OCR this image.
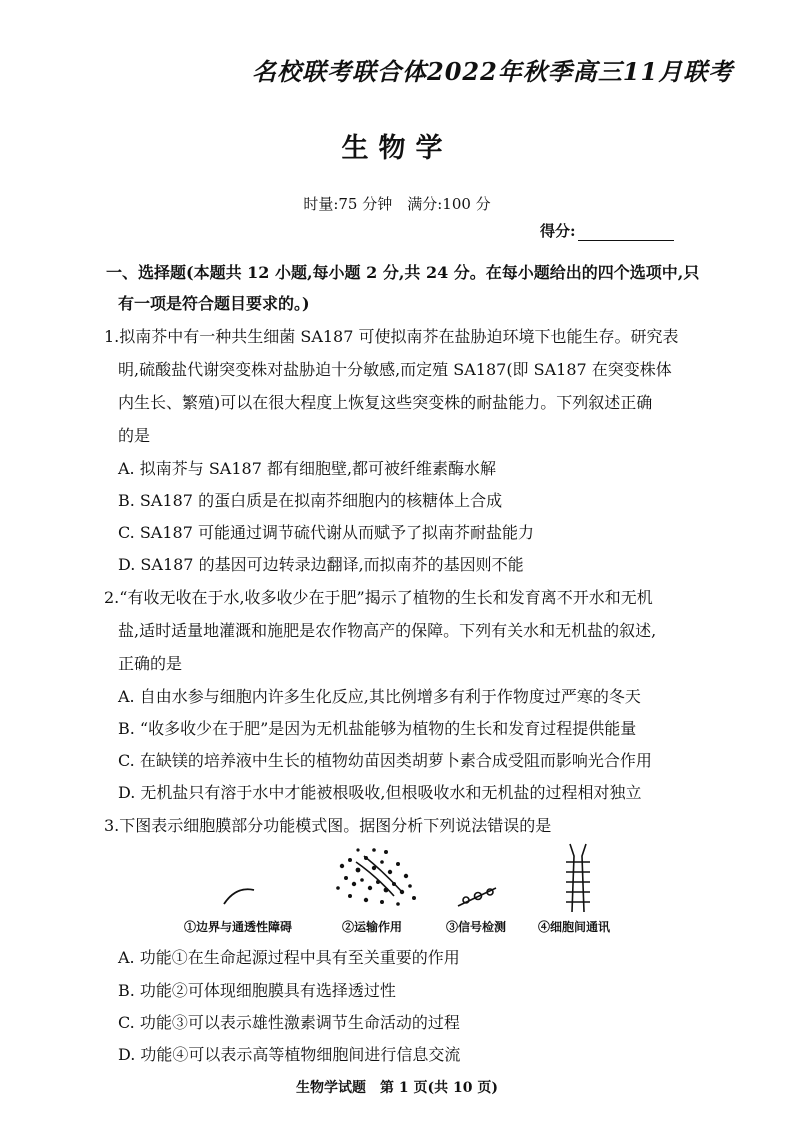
名校联考联合体2022年秋季高三11月联考
生物学
时量:75 分钟　满分:100 分
得分:
一、选择题(本题共 12 小题,每小题 2 分,共 24 分。在每小题给出的四个选项中,只
有一项是符合题目要求的。)
1.拟南芥中有一种共生细菌 SA187 可使拟南芥在盐胁迫环境下也能生存。研究表
明,硫酸盐代谢突变株对盐胁迫十分敏感,而定殖 SA187(即 SA187 在突变株体
内生长、繁殖)可以在很大程度上恢复这些突变株的耐盐能力。下列叙述正确
的是
A. 拟南芥与 SA187 都有细胞壁,都可被纤维素酶水解
B. SA187 的蛋白质是在拟南芥细胞内的核糖体上合成
C. SA187 可能通过调节硫代谢从而赋予了拟南芥耐盐能力
D. SA187 的基因可边转录边翻译,而拟南芥的基因则不能
2.“有收无收在于水,收多收少在于肥”揭示了植物的生长和发育离不开水和无机
盐,适时适量地灌溉和施肥是农作物高产的保障。下列有关水和无机盐的叙述,
正确的是
A. 自由水参与细胞内许多生化反应,其比例增多有利于作物度过严寒的冬天
B. “收多收少在于肥”是因为无机盐能够为植物的生长和发育过程提供能量
C. 在缺镁的培养液中生长的植物幼苗因类胡萝卜素合成受阻而影响光合作用
D. 无机盐只有溶于水中才能被根吸收,但根吸收水和无机盐的过程相对独立
3.下图表示细胞膜部分功能模式图。据图分析下列说法错误的是
①边界与通透性障碍	②运输作用	③信号检测	④细胞间通讯
A. 功能①在生命起源过程中具有至关重要的作用
B. 功能②可体现细胞膜具有选择透过性
C. 功能③可以表示雄性激素调节生命活动的过程
D. 功能④可以表示高等植物细胞间进行信息交流
生物学试题　第 1 页(共 10 页)
